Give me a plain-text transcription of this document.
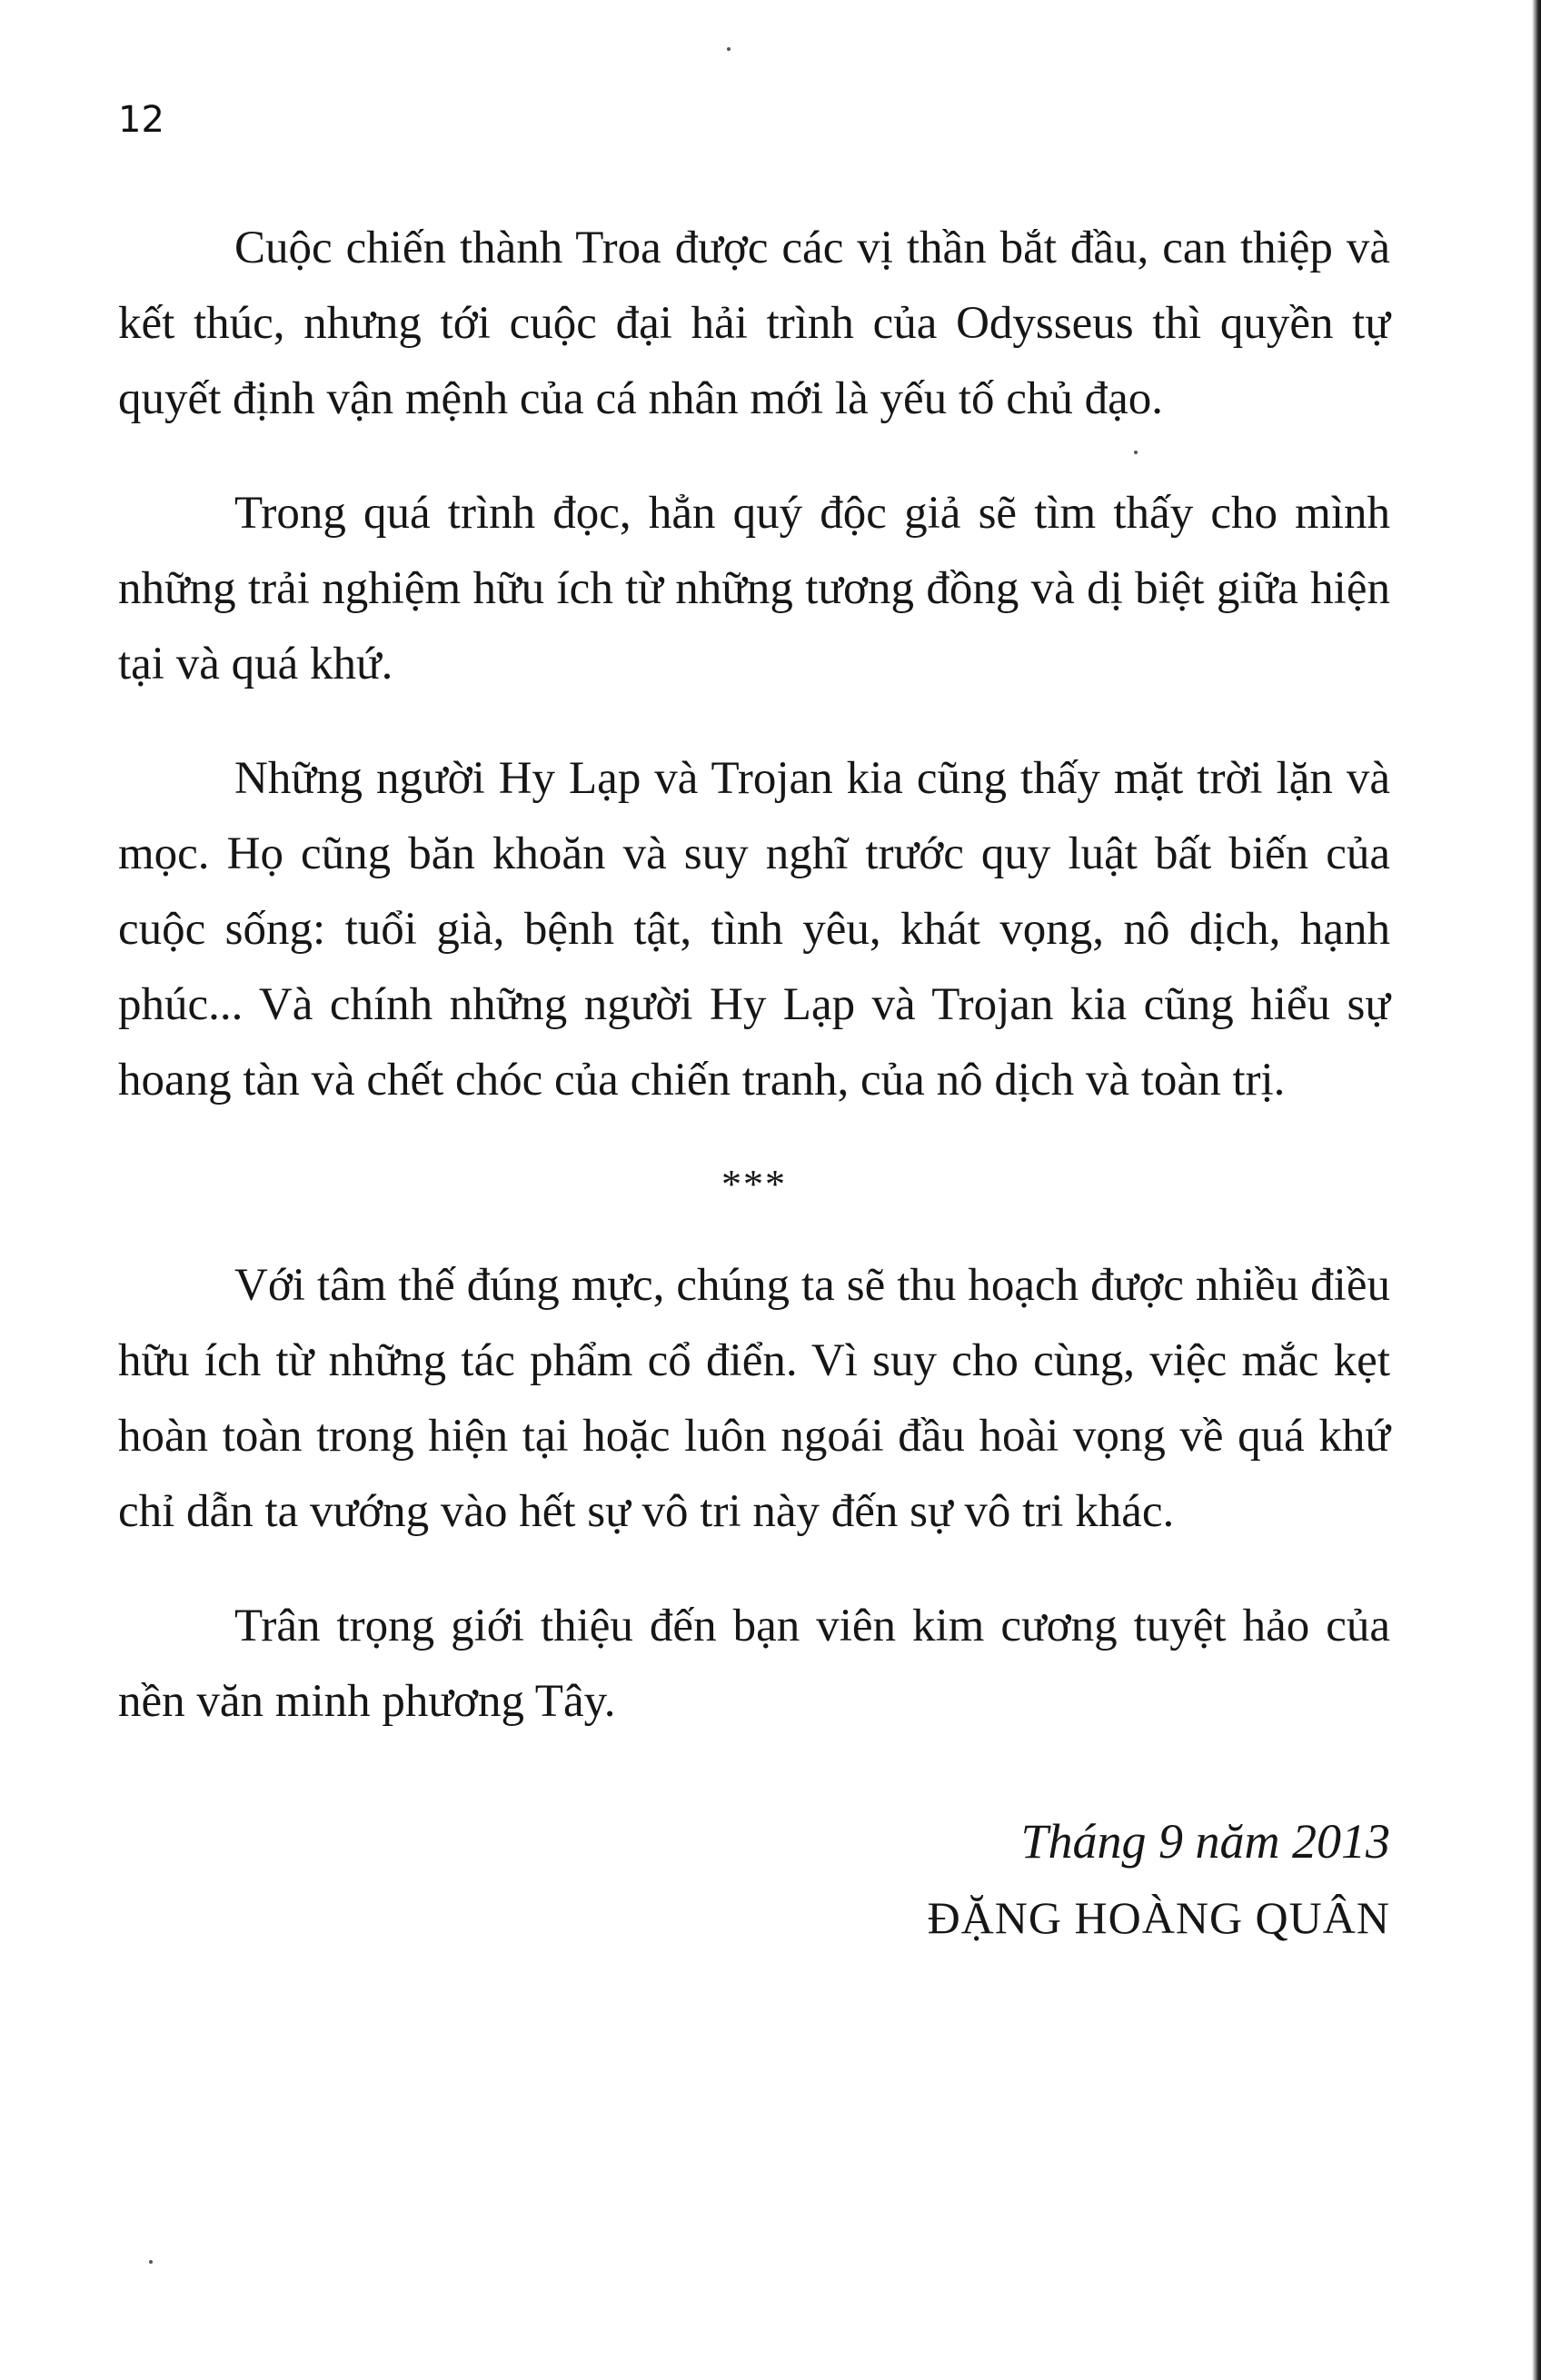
12

Cuộc chiến thành Troa được các vị thần bắt đầu, can thiệp và kết thúc, nhưng tới cuộc đại hải trình của Odysseus thì quyền tự quyết định vận mệnh của cá nhân mới là yếu tố chủ đạo.

Trong quá trình đọc, hẳn quý độc giả sẽ tìm thấy cho mình những trải nghiệm hữu ích từ những tương đồng và dị biệt giữa hiện tại và quá khứ.

Những người Hy Lạp và Trojan kia cũng thấy mặt trời lặn và mọc. Họ cũng băn khoăn và suy nghĩ trước quy luật bất biến của cuộc sống: tuổi già, bệnh tật, tình yêu, khát vọng, nô dịch, hạnh phúc... Và chính những người Hy Lạp và Trojan kia cũng hiểu sự hoang tàn và chết chóc của chiến tranh, của nô dịch và toàn trị.

***

Với tâm thế đúng mực, chúng ta sẽ thu hoạch được nhiều điều hữu ích từ những tác phẩm cổ điển. Vì suy cho cùng, việc mắc kẹt hoàn toàn trong hiện tại hoặc luôn ngoái đầu hoài vọng về quá khứ chỉ dẫn ta vướng vào hết sự vô tri này đến sự vô tri khác.

Trân trọng giới thiệu đến bạn viên kim cương tuyệt hảo của nền văn minh phương Tây.

Tháng 9 năm 2013
ĐẶNG HOÀNG QUÂN
